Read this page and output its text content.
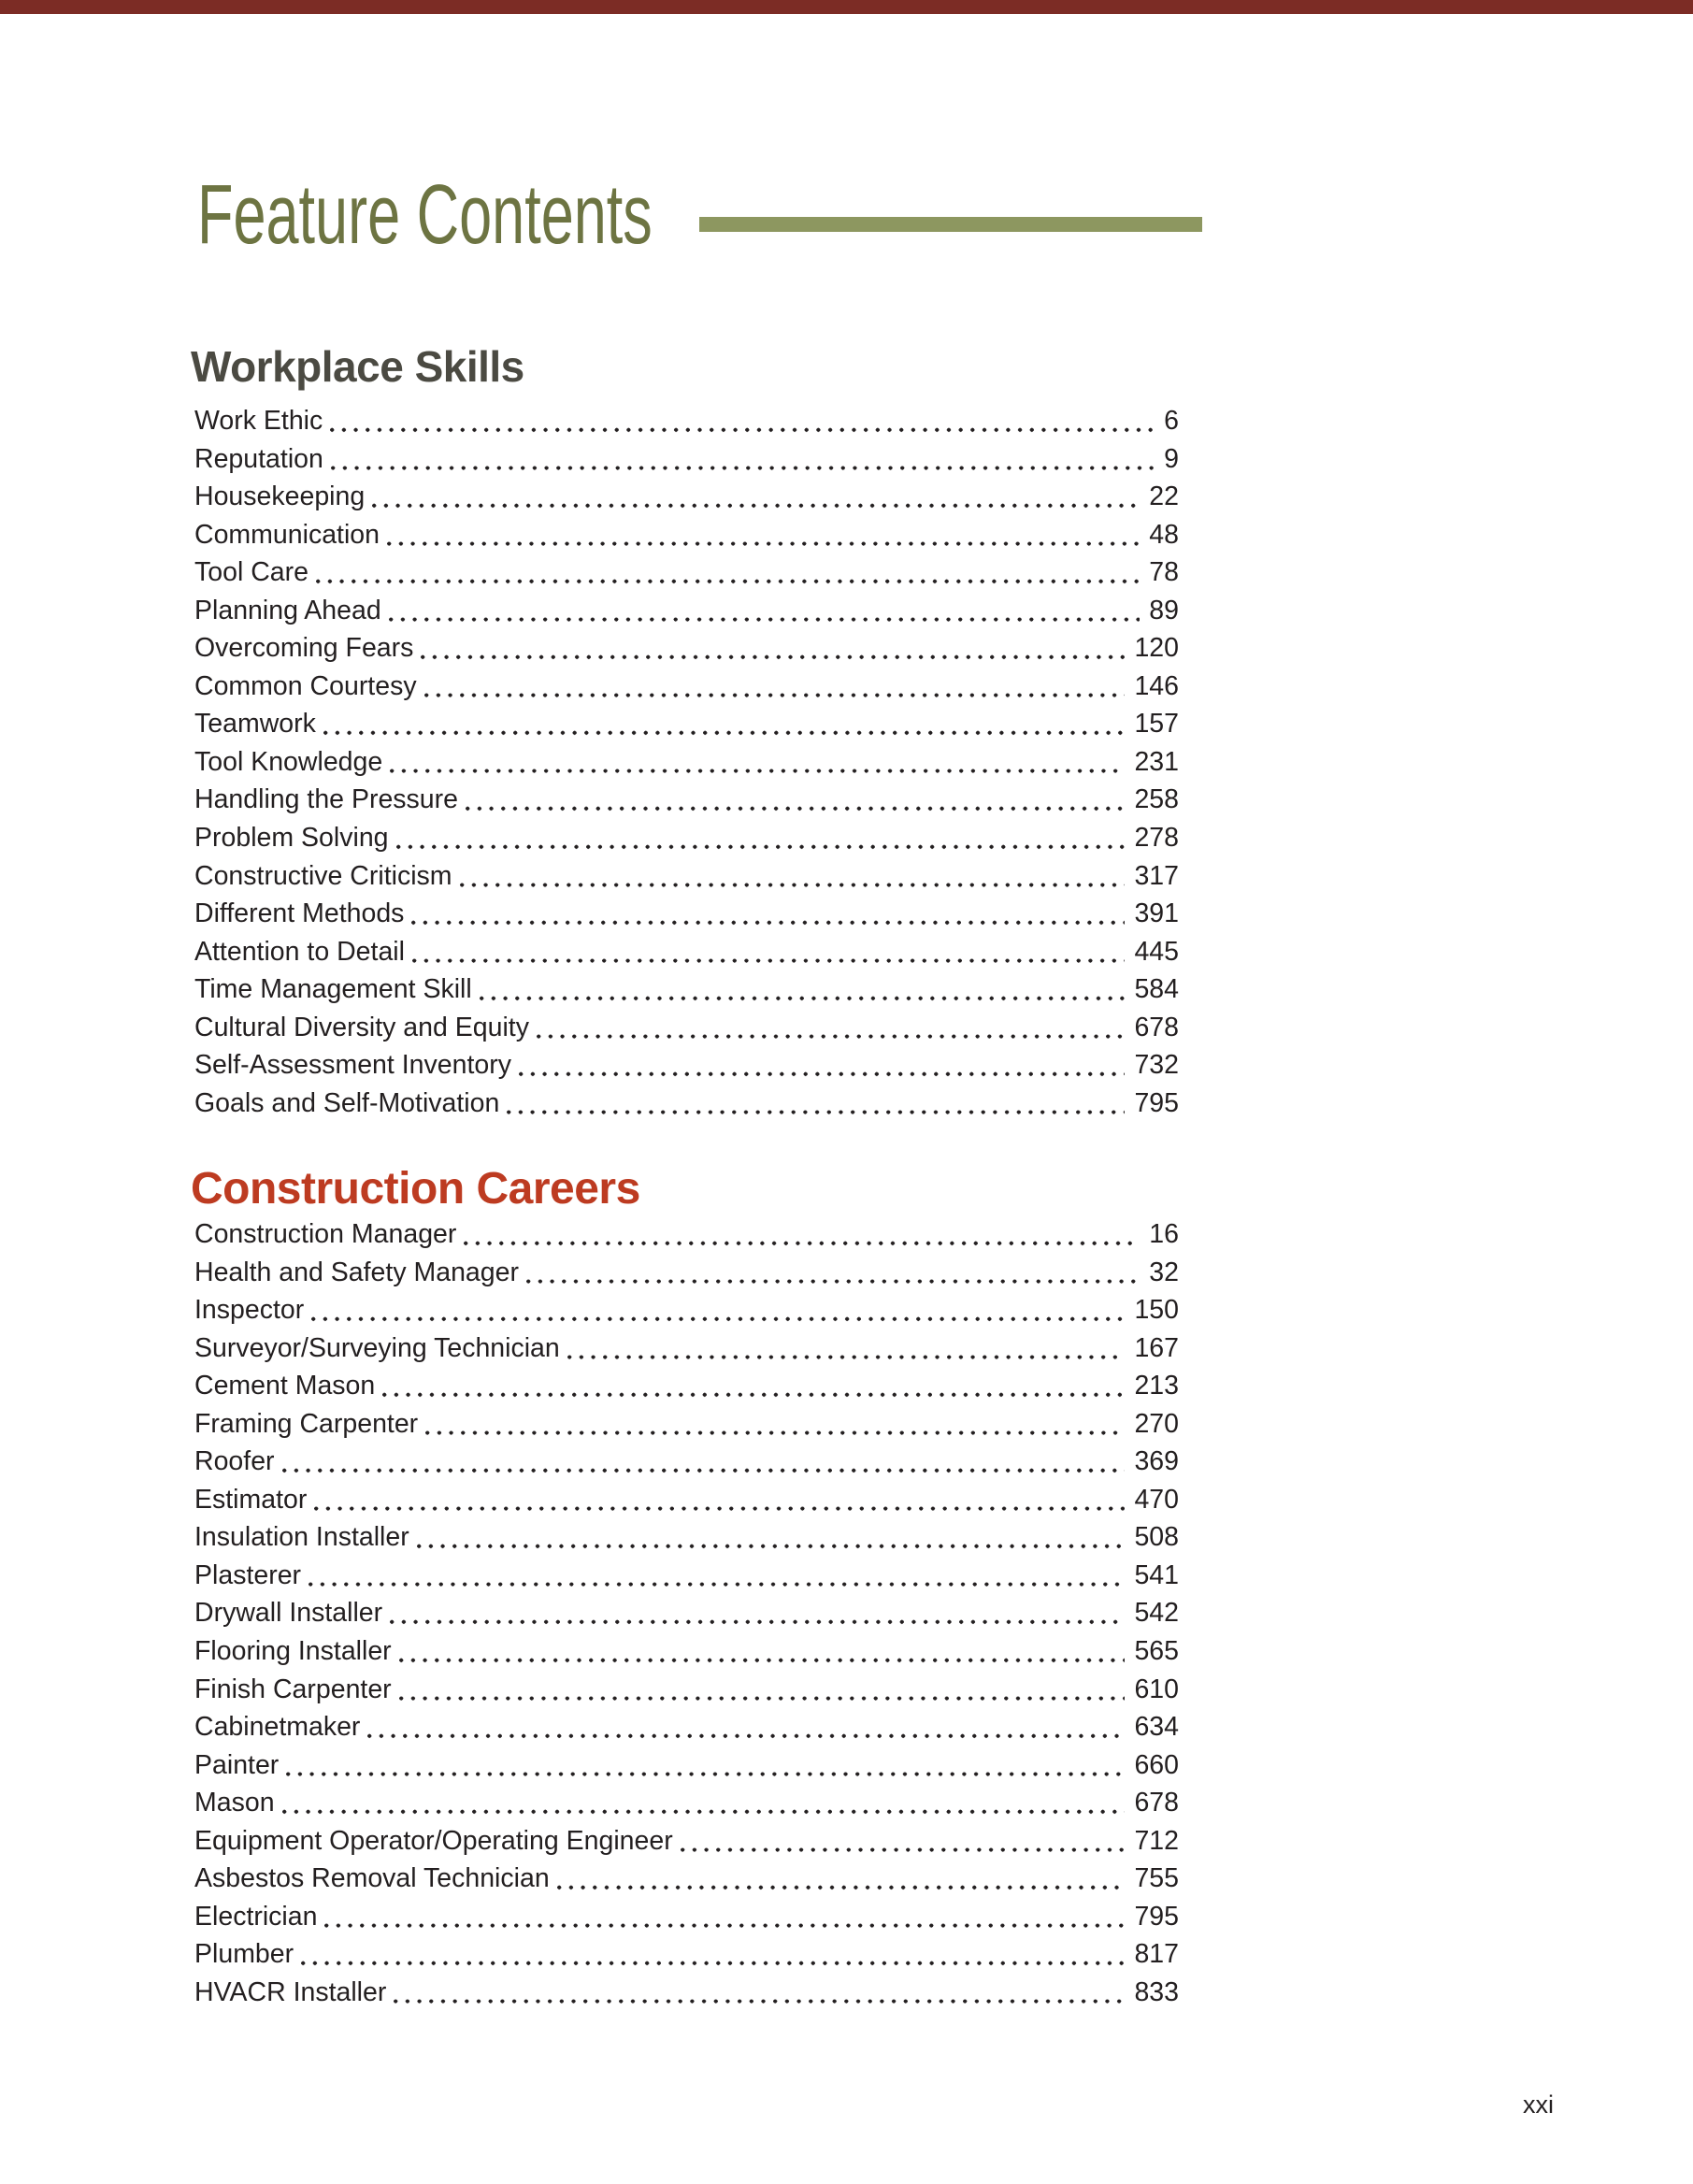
Feature Contents
Workplace Skills
Work Ethic	6
Reputation	9
Housekeeping	22
Communication	48
Tool Care	78
Planning Ahead	89
Overcoming Fears	120
Common Courtesy	146
Teamwork	157
Tool Knowledge	231
Handling the Pressure	258
Problem Solving	278
Constructive Criticism	317
Different Methods	391
Attention to Detail	445
Time Management Skill	584
Cultural Diversity and Equity	678
Self-Assessment Inventory	732
Goals and Self-Motivation	795
Construction Careers
Construction Manager	16
Health and Safety Manager	32
Inspector	150
Surveyor/Surveying Technician	167
Cement Mason	213
Framing Carpenter	270
Roofer	369
Estimator	470
Insulation Installer	508
Plasterer	541
Drywall Installer	542
Flooring Installer	565
Finish Carpenter	610
Cabinetmaker	634
Painter	660
Mason	678
Equipment Operator/Operating Engineer	712
Asbestos Removal Technician	755
Electrician	795
Plumber	817
HVACR Installer	833
xxi
